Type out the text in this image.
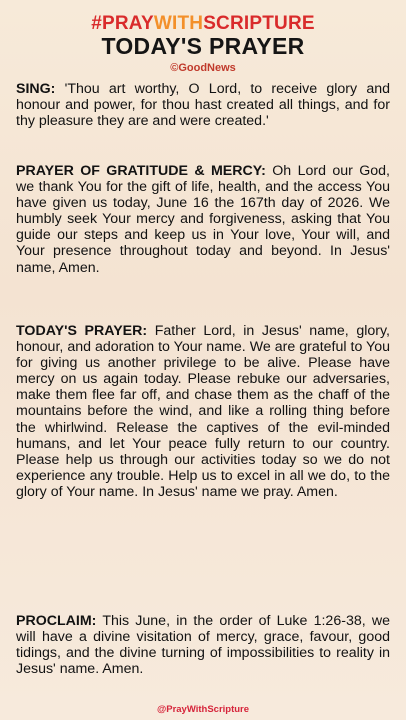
#PRAYWITHSCRIPTURE
TODAY'S PRAYER
©GoodNews

SING: 'Thou art worthy, O Lord, to receive glory and honour and power, for thou hast created all things, and for thy pleasure they are and were created.'

PRAYER OF GRATITUDE & MERCY: Oh Lord our God, we thank You for the gift of life, health, and the access You have given us today, June 16 the 167th day of 2026. We humbly seek Your mercy and forgiveness, asking that You guide our steps and keep us in Your love, Your will, and Your presence throughout today and beyond. In Jesus' name, Amen.

TODAY'S PRAYER: Father Lord, in Jesus' name, glory, honour, and adoration to Your name. We are grateful to You for giving us another privilege to be alive. Please have mercy on us again today. Please rebuke our adversaries, make them flee far off, and chase them as the chaff of the mountains before the wind, and like a rolling thing before the whirlwind. Release the captives of the evil-minded humans, and let Your peace fully return to our country. Please help us through our activities today so we do not experience any trouble. Help us to excel in all we do, to the glory of Your name. In Jesus' name we pray. Amen.

PROCLAIM: This June, in the order of Luke 1:26-38, we will have a divine visitation of mercy, grace, favour, good tidings, and the divine turning of impossibilities to reality in Jesus' name. Amen.

@PrayWithScripture
